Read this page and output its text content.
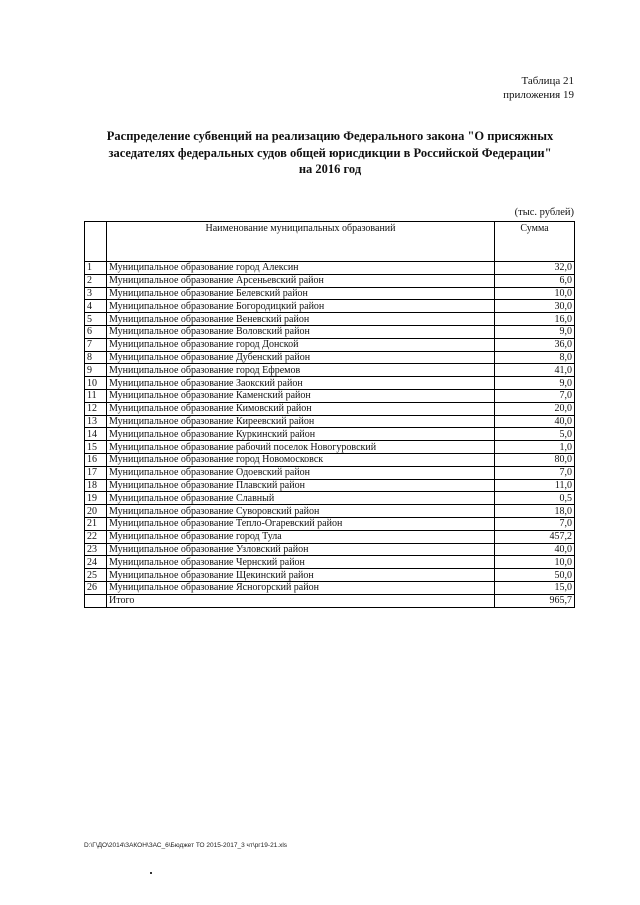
Таблица 21
приложения 19
Распределение субвенций на реализацию Федерального закона "О присяжных
заседателях федеральных судов общей юрисдикции в Российской Федерации"
на 2016 год
(тыс. рублей)
	Наименование муниципальных образований	Сумма
1	Муниципальное образование город Алексин	32,0
2	Муниципальное образование Арсеньевский район	6,0
3	Муниципальное образование Белевский район	10,0
4	Муниципальное образование Богородицкий район	30,0
5	Муниципальное образование Веневский район	16,0
6	Муниципальное образование Воловский район	9,0
7	Муниципальное образование город Донской	36,0
8	Муниципальное образование Дубенский район	8,0
9	Муниципальное образование город Ефремов	41,0
10	Муниципальное образование Заокский район	9,0
11	Муниципальное образование Каменский район	7,0
12	Муниципальное образование Кимовский район	20,0
13	Муниципальное образование Киреевский район	40,0
14	Муниципальное образование Куркинский район	5,0
15	Муниципальное образование рабочий поселок Новогуровский	1,0
16	Муниципальное образование город Новомосковск	80,0
17	Муниципальное образование Одоевский район	7,0
18	Муниципальное образование Плавский район	11,0
19	Муниципальное образование Славный	0,5
20	Муниципальное образование Суворовский район	18,0
21	Муниципальное образование Тепло-Огаревский район	7,0
22	Муниципальное образование город Тула	457,2
23	Муниципальное образование Узловский район	40,0
24	Муниципальное образование Чернский район	10,0
25	Муниципальное образование Щекинский район	50,0
26	Муниципальное образование Ясногорский район	15,0
	Итого	965,7
D:\Г\ДО\2014\ЗАКОН\ЗАС_6\Бюджет ТО 2015-2017_3 чт\рг19-21.xls
